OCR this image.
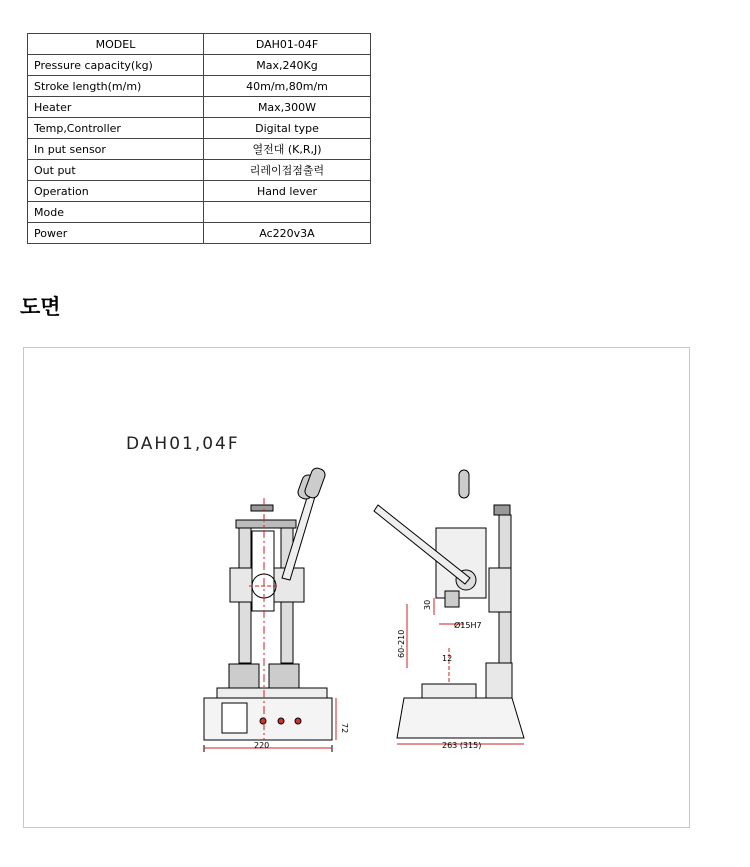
MODEL	DAH01-04F
Pressure capacity(kg)	Max,240Kg
Stroke length(m/m)	40m/m,80m/m
Heater	Max,300W
Temp,Controller	Digital type
In put sensor	열전대 (K,R,J)
Out put	리레이접점출력
Operation	Hand lever
Mode	
Power	Ac220v3A
도면
DAH01,04F
220
72
263 (315)
60-210
30
Ø15H7
12
